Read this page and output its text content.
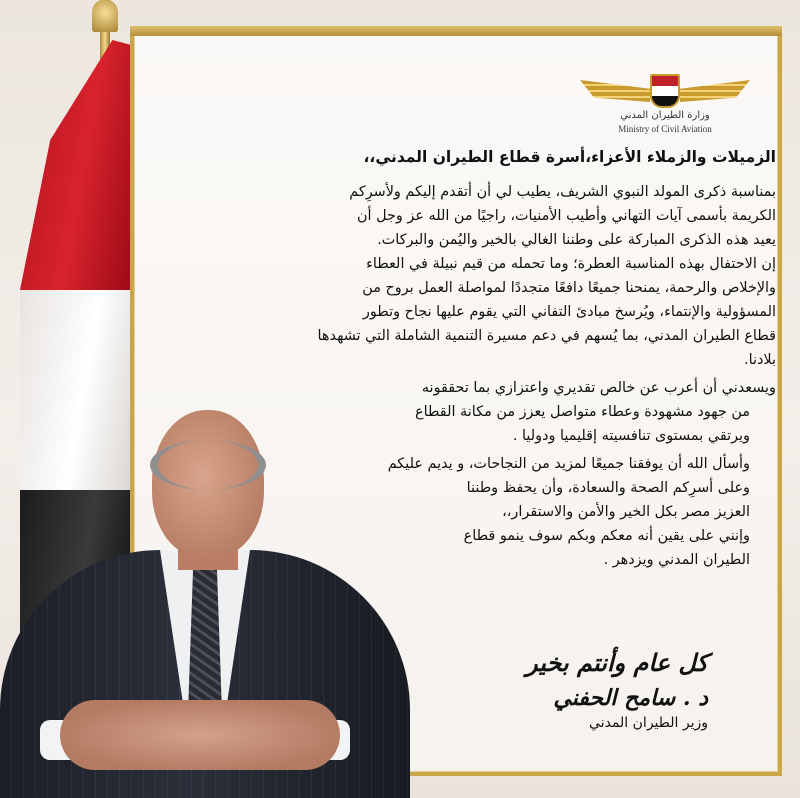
وزارة الطيران المدني
Ministry of Civil Aviation
الزميلات والزملاء الأعزاء،أسرة قطاع الطيران المدني،،

بمناسبة ذكرى المولد النبوي الشريف، يطيب لي أن أتقدم إليكم ولأسرِكم

الكريمة بأسمى آيات التهاني وأطيب الأمنيات، راجيًا من الله عز وجل أن

يعيد هذه الذكرى المباركة على وطننا الغالي بالخير واليُمن والبركات.

إن الاحتفال بهذه المناسبة العطرة؛ وما تحمله من قيم نبيلة في العطاء

والإخلاص والرحمة، يمنحنا جميعًا دافعًا متجددًا لمواصلة العمل بروح من

المسؤولية والإنتماء، ويُرسخ مبادئ التفاني التي يقوم عليها نجاح وتطور

قطاع الطيران المدني، بما يُسهم في دعم مسيرة التنمية الشاملة التي تشهدها

بلادنا.

ويسعدني أن أعرب عن خالص تقديري واعتزازي بما تحققونه

من جهود مشهودة وعطاء متواصل يعزز من مكانة القطاع

ويرتقي بمستوى تنافسيته إقليميا ودوليا .

وأسأل الله أن يوفقنا جميعًا لمزيد من النجاحات، و يديم عليكم

وعلى أسرِكم الصحة والسعادة، وأن يحفظ وطننا

العزيز مصر بكل الخير والأمن والاستقرار،،

وإنني على يقين أنه معكم وبكم سوف ينمو قطاع

الطيران المدني ويزدهر .

كل عام وأنتم بخير
د . سامح الحفني
وزير الطيران المدني
